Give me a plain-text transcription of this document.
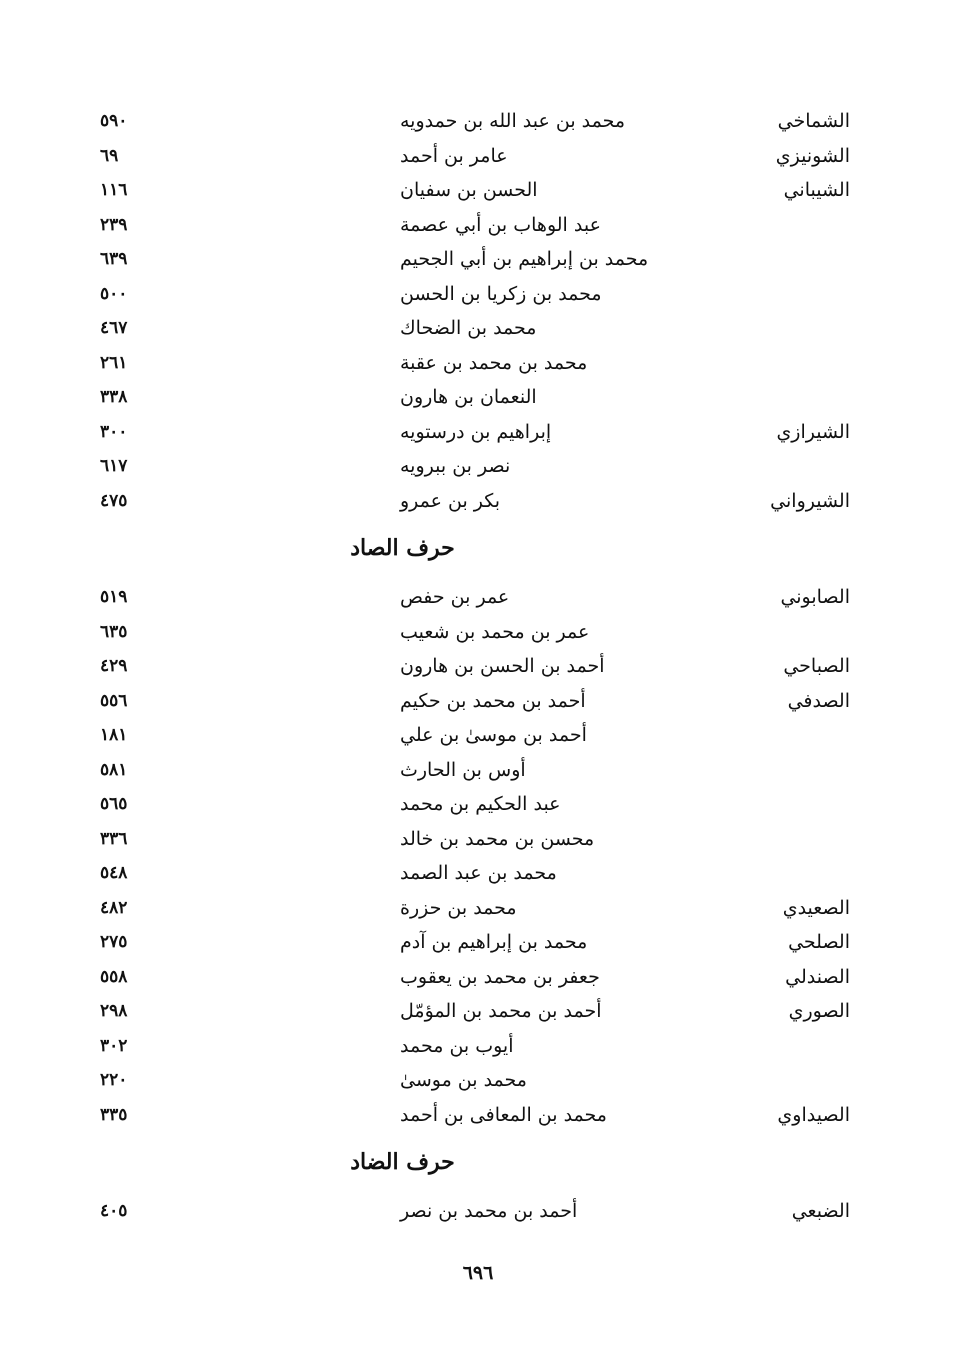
الشماخي
محمد بن عبد الله بن حمدويه
٥٩٠
الشونيزي
عامر بن أحمد
٦٩
الشيباني
الحسن بن سفيان
١١٦
عبد الوهاب بن أبي عصمة
٢٣٩
محمد بن إبراهيم بن أبي الجحيم
٦٣٩
محمد بن زكريا بن الحسن
٥٠٠
محمد بن الضحاك
٤٦٧
محمد بن محمد بن عقبة
٢٦١
النعمان بن هارون
٣٣٨
الشيرازي
إبراهيم بن درستويه
٣٠٠
نصر بن ببرويه
٦١٧
الشيرواني
بكر بن عمرو
٤٧٥
حرف الصاد
الصابوني
عمر بن حفص
٥١٩
عمر بن محمد بن شعيب
٦٣٥
الصباحي
أحمد بن الحسن بن هارون
٤٢٩
الصدفي
أحمد بن محمد بن حكيم
٥٥٦
أحمد بن موسىٰ بن علي
١٨١
أوس بن الحارث
٥٨١
عبد الحكيم بن محمد
٥٦٥
محسن بن محمد بن خالد
٣٣٦
محمد بن عبد الصمد
٥٤٨
الصعيدي
محمد بن حزرة
٤٨٢
الصلحي
محمد بن إبراهيم بن آدم
٢٧٥
الصندلي
جعفر بن محمد بن يعقوب
٥٥٨
الصوري
أحمد بن محمد بن المؤمّل
٢٩٨
أيوب بن محمد
٣٠٢
محمد بن موسىٰ
٢٢٠
الصيداوي
محمد بن المعافى بن أحمد
٣٣٥
حرف الضاد
الضبعي
أحمد بن محمد بن نصر
٤٠٥
٦٩٦
